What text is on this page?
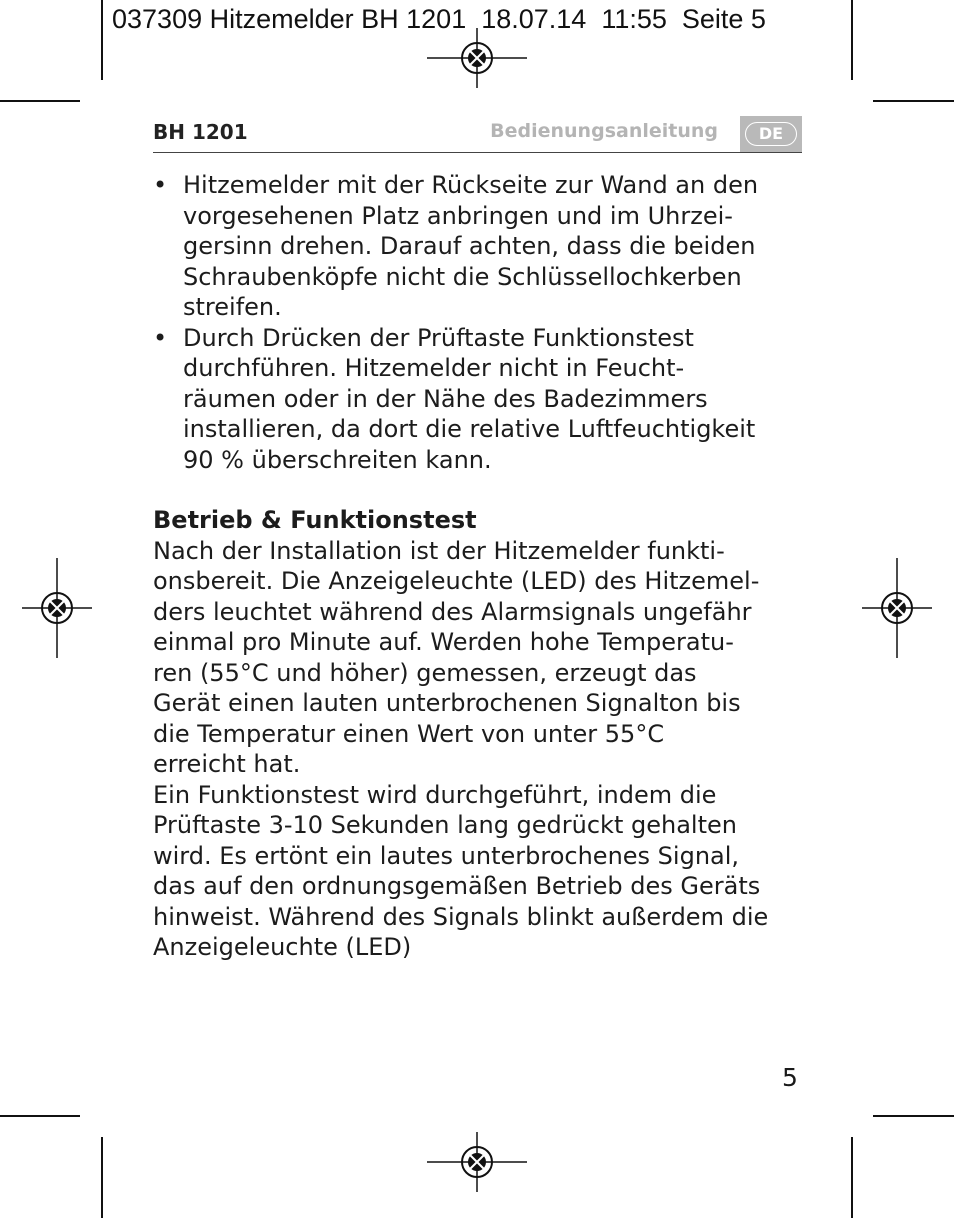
037309 Hitzemelder BH 1201  18.07.14  11:55  Seite 5
BH 1201	Bedienungsanleitung	DE
• Hitzemelder mit der Rückseite zur Wand an den
vorgesehenen Platz anbringen und im Uhrzei-
gersinn drehen. Darauf achten, dass die beiden
Schraubenköpfe nicht die Schlüssellochkerben
streifen.
• Durch Drücken der Prüftaste Funktionstest
durchführen. Hitzemelder nicht in Feucht-
räumen oder in der Nähe des Badezimmers
installieren, da dort die relative Luftfeuchtigkeit
90 % überschreiten kann.
Betrieb & Funktionstest
Nach der Installation ist der Hitzemelder funkti-
onsbereit. Die Anzeigeleuchte (LED) des Hitzemel-
ders leuchtet während des Alarmsignals ungefähr
einmal pro Minute auf. Werden hohe Temperatu-
ren (55°C und höher) gemessen, erzeugt das
Gerät einen lauten unterbrochenen Signalton bis
die Temperatur einen Wert von unter 55°C
erreicht hat.
Ein Funktionstest wird durchgeführt, indem die
Prüftaste 3-10 Sekunden lang gedrückt gehalten
wird. Es ertönt ein lautes unterbrochenes Signal,
das auf den ordnungsgemäßen Betrieb des Geräts
hinweist. Während des Signals blinkt außerdem die
Anzeigeleuchte (LED)
5
